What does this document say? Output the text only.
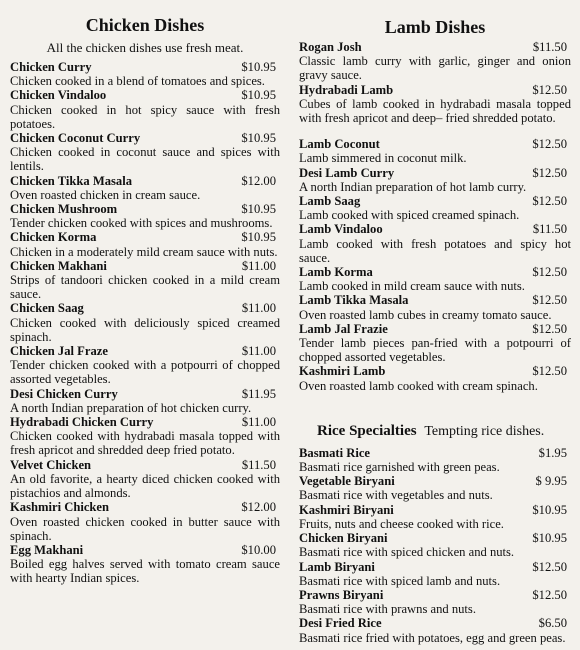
Chicken Dishes
All the chicken dishes use fresh meat.
Chicken Curry	$10.95
Chicken cooked in a blend of tomatoes and spices.
Chicken Vindaloo	$10.95
Chicken cooked in hot spicy sauce with fresh potatoes.
Chicken Coconut Curry	$10.95
Chicken cooked in coconut sauce and spices with lentils.
Chicken Tikka Masala	$12.00
Oven roasted chicken in cream sauce.
Chicken Mushroom	$10.95
Tender chicken cooked with spices and mushrooms.
Chicken Korma	$10.95
Chicken in a moderately mild cream sauce with nuts.
Chicken Makhani	$11.00
Strips of tandoori chicken cooked in a mild cream sauce.
Chicken Saag	$11.00
Chicken cooked with deliciously spiced creamed spinach.
Chicken Jal Fraze	$11.00
Tender chicken cooked with a potpourri of chopped assorted vegetables.
Desi Chicken Curry	$11.95
A north Indian preparation of hot chicken curry.
Hydrabadi Chicken Curry	$11.00
Chicken cooked with hydrabadi masala topped with fresh apricot and shredded deep fried potato.
Velvet Chicken	$11.50
An old favorite, a hearty diced chicken cooked with pistachios and almonds.
Kashmiri Chicken	$12.00
Oven roasted chicken cooked in butter sauce with spinach.
Egg Makhani	$10.00
Boiled egg halves served with tomato cream sauce with hearty Indian spices.
Lamb Dishes
Rogan Josh	$11.50
Classic lamb curry with garlic, ginger and onion gravy sauce.
Hydrabadi Lamb	$12.50
Cubes of lamb cooked in hydrabadi masala topped with fresh apricot and deep– fried shredded potato.
Lamb Coconut	$12.50
Lamb simmered in coconut milk.
Desi Lamb Curry	$12.50
A north Indian preparation of hot lamb curry.
Lamb Saag	$12.50
Lamb cooked with spiced creamed spinach.
Lamb Vindaloo	$11.50
Lamb cooked with fresh potatoes and spicy hot sauce.
Lamb Korma	$12.50
Lamb cooked in mild cream sauce with nuts.
Lamb Tikka Masala	$12.50
Oven roasted lamb cubes in creamy tomato sauce.
Lamb Jal Frazie	$12.50
Tender lamb pieces pan-fried with a potpourri of chopped assorted vegetables.
Kashmiri Lamb	$12.50
Oven roasted lamb cooked with cream spinach.
Rice Specialties Tempting rice dishes.
Basmati Rice	$1.95
Basmati rice garnished with green peas.
Vegetable Biryani	$ 9.95
Basmati rice with vegetables and nuts.
Kashmiri Biryani	$10.95
Fruits, nuts and cheese cooked with rice.
Chicken Biryani	$10.95
Basmati rice with spiced chicken and nuts.
Lamb Biryani	$12.50
Basmati rice with spiced lamb and nuts.
Prawns Biryani	$12.50
Basmati rice with prawns and nuts.
Desi Fried Rice	$6.50
Basmati rice fried with potatoes, egg and green peas.
